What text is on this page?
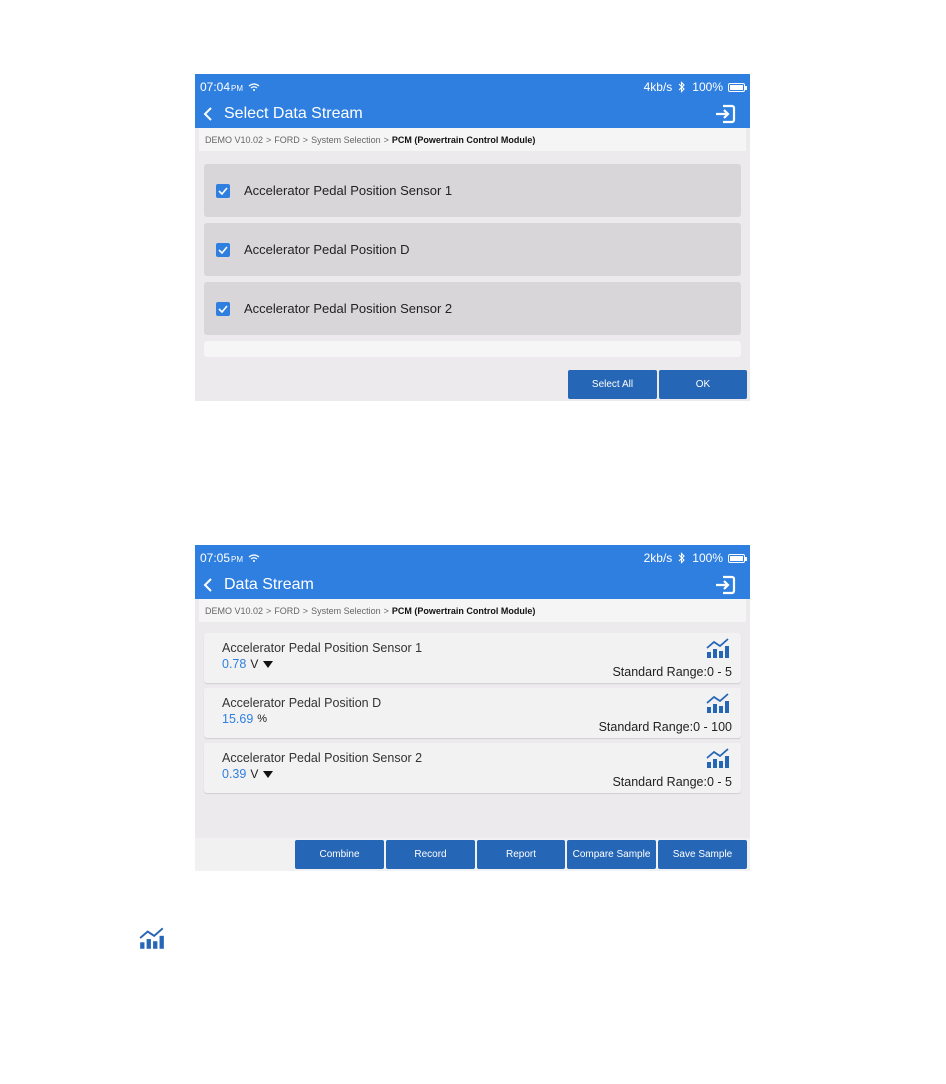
07:04PM	4kb/s 100%
Select Data Stream
DEMO V10.02 > FORD > System Selection > PCM (Powertrain Control Module)
Accelerator Pedal Position Sensor 1
Accelerator Pedal Position D
Accelerator Pedal Position Sensor 2
Select All	OK
07:05PM	2kb/s 100%
Data Stream
DEMO V10.02 > FORD > System Selection > PCM (Powertrain Control Module)
Accelerator Pedal Position Sensor 1
0.78 V
Standard Range:0 - 5
Accelerator Pedal Position D
15.69 %
Standard Range:0 - 100
Accelerator Pedal Position Sensor 2
0.39 V
Standard Range:0 - 5
Combine	Record	Report	Compare Sample	Save Sample
